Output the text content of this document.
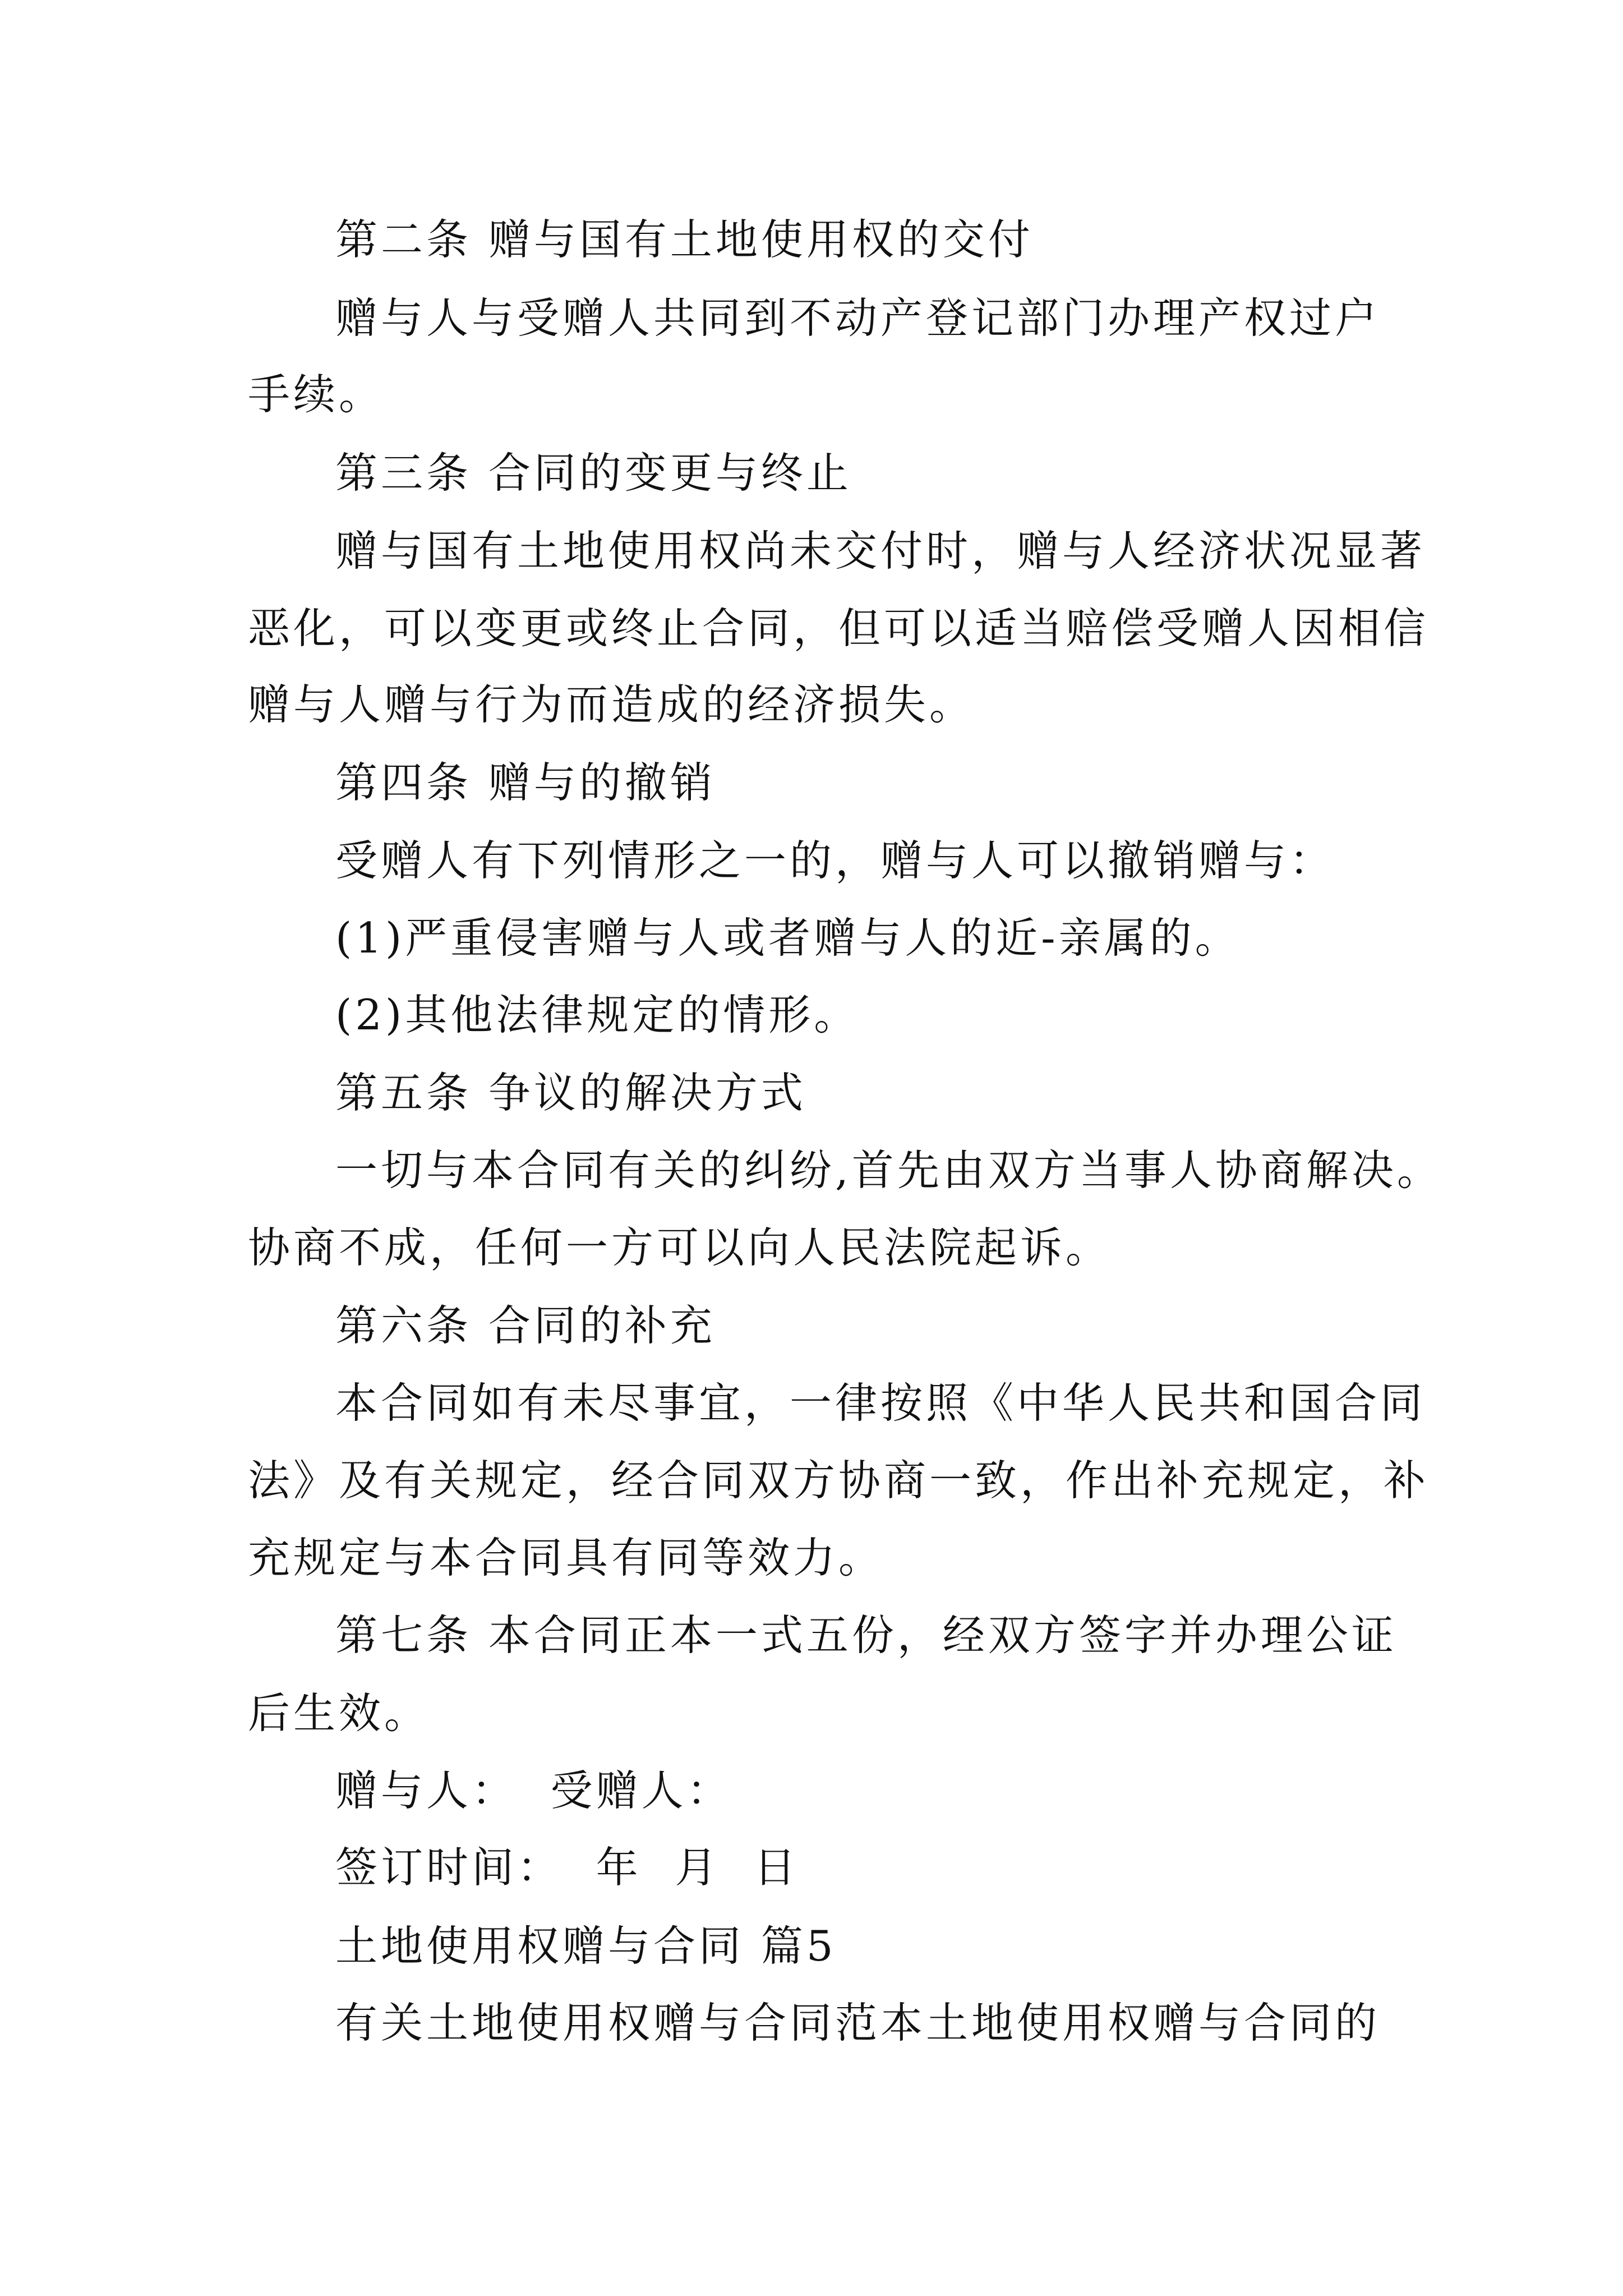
第二条 赠与国有土地使用权的交付

赠与人与受赠人共同到不动产登记部门办理产权过户

手续。

第三条 合同的变更与终止

赠与国有土地使用权尚未交付时，赠与人经济状况显著

恶化，可以变更或终止合同，但可以适当赔偿受赠人因相信

赠与人赠与行为而造成的经济损失。

第四条 赠与的撤销

受赠人有下列情形之一的，赠与人可以撤销赠与：

(1)严重侵害赠与人或者赠与人的近-亲属的。

(2)其他法律规定的情形。

第五条 争议的解决方式

一切与本合同有关的纠纷,首先由双方当事人协商解决。

协商不成，任何一方可以向人民法院起诉。

第六条 合同的补充

本合同如有未尽事宜，一律按照《中华人民共和国合同

法》及有关规定，经合同双方协商一致，作出补充规定，补

充规定与本合同具有同等效力。

第七条 本合同正本一式五份，经双方签字并办理公证

后生效。

赠与人：  受赠人：

签订时间：  年  月  日

土地使用权赠与合同 篇5

有关土地使用权赠与合同范本土地使用权赠与合同的
